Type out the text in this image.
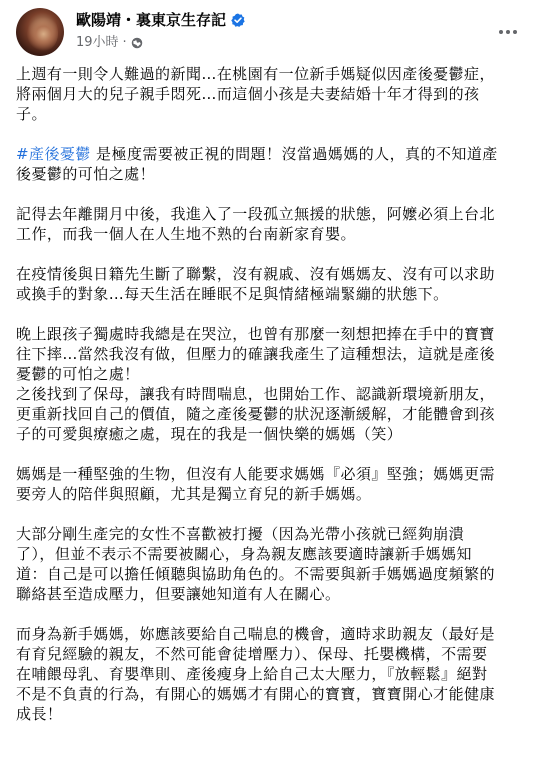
歐陽靖・裏東京生存記
19小時 ·

上週有一則令人難過的新聞…在桃園有一位新手媽疑似因產後憂鬱症，
將兩個月大的兒子親手悶死…而這個小孩是夫妻結婚十年才得到的孩
子。

#產後憂鬱 是極度需要被正視的問題！沒當過媽媽的人，真的不知道產
後憂鬱的可怕之處！

記得去年離開月中後，我進入了一段孤立無援的狀態，阿嬤必須上台北
工作，而我一個人在人生地不熟的台南新家育嬰。

在疫情後與日籍先生斷了聯繫，沒有親戚、沒有媽媽友、沒有可以求助
或換手的對象…每天生活在睡眠不足與情緒極端緊繃的狀態下。

晚上跟孩子獨處時我總是在哭泣，也曾有那麼一刻想把捧在手中的寶寶
往下摔…當然我沒有做，但壓力的確讓我產生了這種想法，這就是產後
憂鬱的可怕之處！
之後找到了保母，讓我有時間喘息，也開始工作、認識新環境新朋友，
更重新找回自己的價值，隨之產後憂鬱的狀況逐漸緩解，才能體會到孩
子的可愛與療癒之處，現在的我是一個快樂的媽媽（笑）

媽媽是一種堅強的生物，但沒有人能要求媽媽『必須』堅強；媽媽更需
要旁人的陪伴與照顧，尤其是獨立育兒的新手媽媽。

大部分剛生產完的女性不喜歡被打擾（因為光帶小孩就已經夠崩潰
了），但並不表示不需要被關心，身為親友應該要適時讓新手媽媽知
道：自己是可以擔任傾聽與協助角色的。不需要與新手媽媽過度頻繁的
聯絡甚至造成壓力，但要讓她知道有人在關心。

而身為新手媽媽，妳應該要給自己喘息的機會，適時求助親友（最好是
有育兒經驗的親友，不然可能會徒增壓力）、保母、托嬰機構，不需要
在哺餵母乳、育嬰準則、產後瘦身上給自己太大壓力，『放輕鬆』絕對
不是不負責的行為，有開心的媽媽才有開心的寶寶，寶寶開心才能健康
成長！
